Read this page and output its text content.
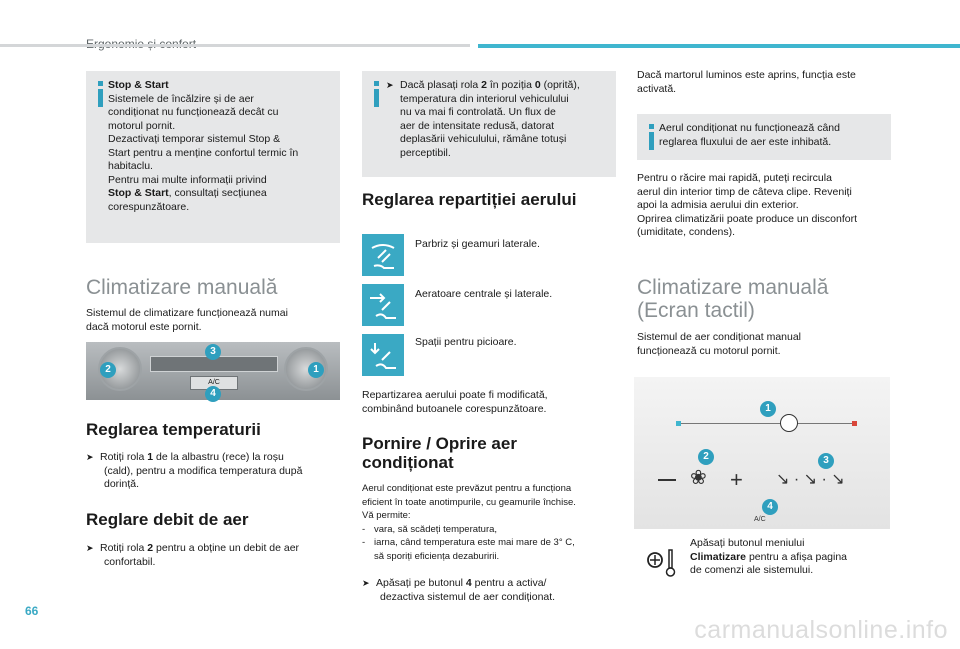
Stop & Start
Sistemele de încălzire și de aer
condiționat nu funcționează decât cu
motorul pornit.
Dezactivați temporar sistemul Stop &
Start pentru a menține confortul termic în
habitaclu.
Pentru mai multe informații privind
Stop & Start, consultați secțiunea
corespunzătoare.
Climatizare manuală
Sistemul de climatizare funcționează numai
dacă motorul este pornit.
A/C
1
2
3
4
Reglarea temperaturii
➤ Rotiți rola 1 de la albastru (rece) la roșu
(cald), pentru a modifica temperatura după
dorință.
Reglare debit de aer
➤ Rotiți rola 2 pentru a obține un debit de aer
confortabil.
➤ Dacă plasați rola 2 în poziția 0 (oprită),
temperatura din interiorul vehiculului
nu va mai fi controlată. Un flux de
aer de intensitate redusă, datorat
deplasării vehiculului, rămâne totuși
perceptibil.
Reglarea repartiției aerului
Parbriz și geamuri laterale.
Aeratoare centrale și laterale.
Spații pentru picioare.
Repartizarea aerului poate fi modificată,
combinând butoanele corespunzătoare.
Pornire / Oprire aer
condiționat
Aerul condiționat este prevăzut pentru a funcționa
eficient în toate anotimpurile, cu geamurile închise.
Vă permite:
- vara, să scădeți temperatura,
- iarna, când temperatura este mai mare de 3° C,
să sporiți eficiența dezaburirii.
➤ Apăsați pe butonul 4 pentru a activa/
dezactiva sistemul de aer condiționat.
Dacă martorul luminos este aprins, funcția este
activată.
Aerul condiționat nu funcționează când
reglarea fluxului de aer este inhibată.
Pentru o răcire mai rapidă, puteți recircula
aerul din interior timp de câteva clipe. Reveniți
apoi la admisia aerului din exterior.
Oprirea climatizării poate produce un disconfort
(umiditate, condens).
Climatizare manuală
(Ecran tactil)
Sistemul de aer condiționat manual
funcționează cu motorul pornit.
+
❀	↘ · ↘ · ↘
A/C
1
2	3
4
Apăsați butonul meniului
Climatizare pentru a afișa pagina
de comenzi ale sistemului.
66
carmanualsonline.info
